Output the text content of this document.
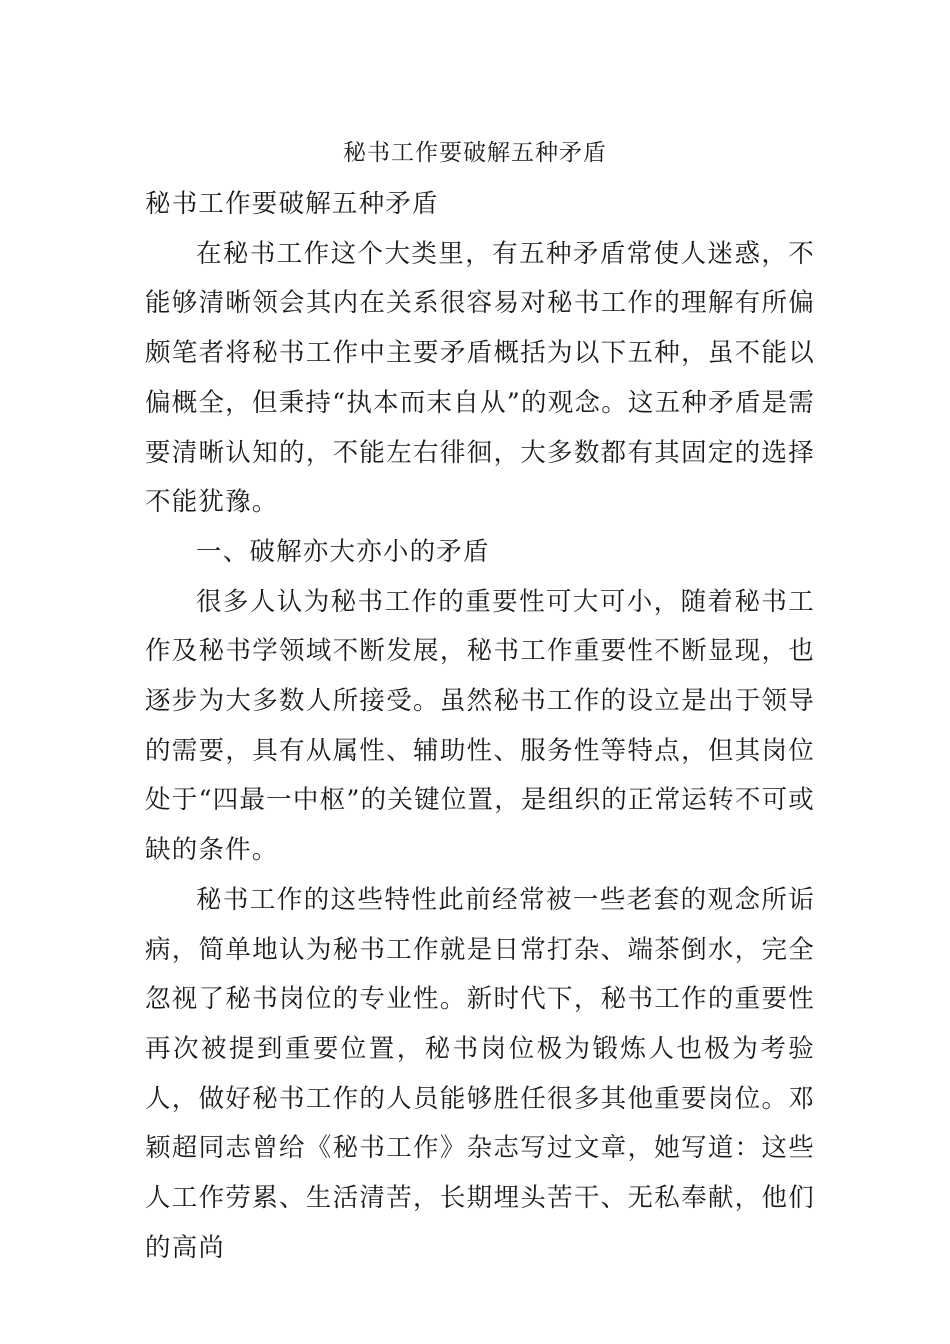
秘书工作要破解五种矛盾

秘书工作要破解五种矛盾

在秘书工作这个大类里，有五种矛盾常使人迷惑，不能够清晰领会其内在关系很容易对秘书工作的理解有所偏颇笔者将秘书工作中主要矛盾概括为以下五种，虽不能以偏概全，但秉持“执本而末自从”的观念。这五种矛盾是需要清晰认知的，不能左右徘徊，大多数都有其固定的选择不能犹豫。

一、破解亦大亦小的矛盾

很多人认为秘书工作的重要性可大可小，随着秘书工作及秘书学领域不断发展，秘书工作重要性不断显现，也逐步为大多数人所接受。虽然秘书工作的设立是出于领导的需要，具有从属性、辅助性、服务性等特点，但其岗位处于“四最一中枢”的关键位置，是组织的正常运转不可或缺的条件。

秘书工作的这些特性此前经常被一些老套的观念所诟病，简单地认为秘书工作就是日常打杂、端茶倒水，完全忽视了秘书岗位的专业性。新时代下，秘书工作的重要性再次被提到重要位置，秘书岗位极为锻炼人也极为考验人，做好秘书工作的人员能够胜任很多其他重要岗位。邓颖超同志曾给《秘书工作》杂志写过文章，她写道：这些人工作劳累、生活清苦，长期埋头苦干、无私奉献，他们的高尚
